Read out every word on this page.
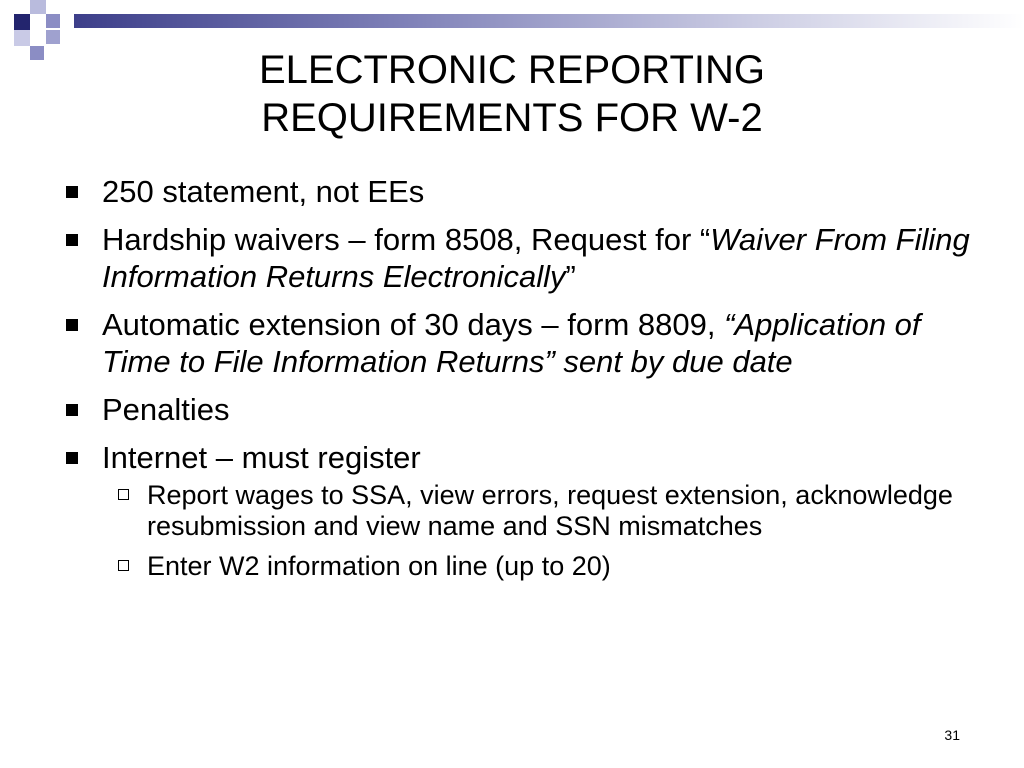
ELECTRONIC REPORTING
REQUIREMENTS FOR W-2
250 statement, not EEs
Hardship waivers – form 8508, Request for “Waiver From Filing Information Returns Electronically”
Automatic extension of 30 days – form 8809, “Application of Time to File Information Returns” sent by due date
Penalties
Internet – must register
Report wages to SSA, view errors, request extension, acknowledge resubmission and view name and SSN mismatches
Enter W2 information on line (up to 20)
31
